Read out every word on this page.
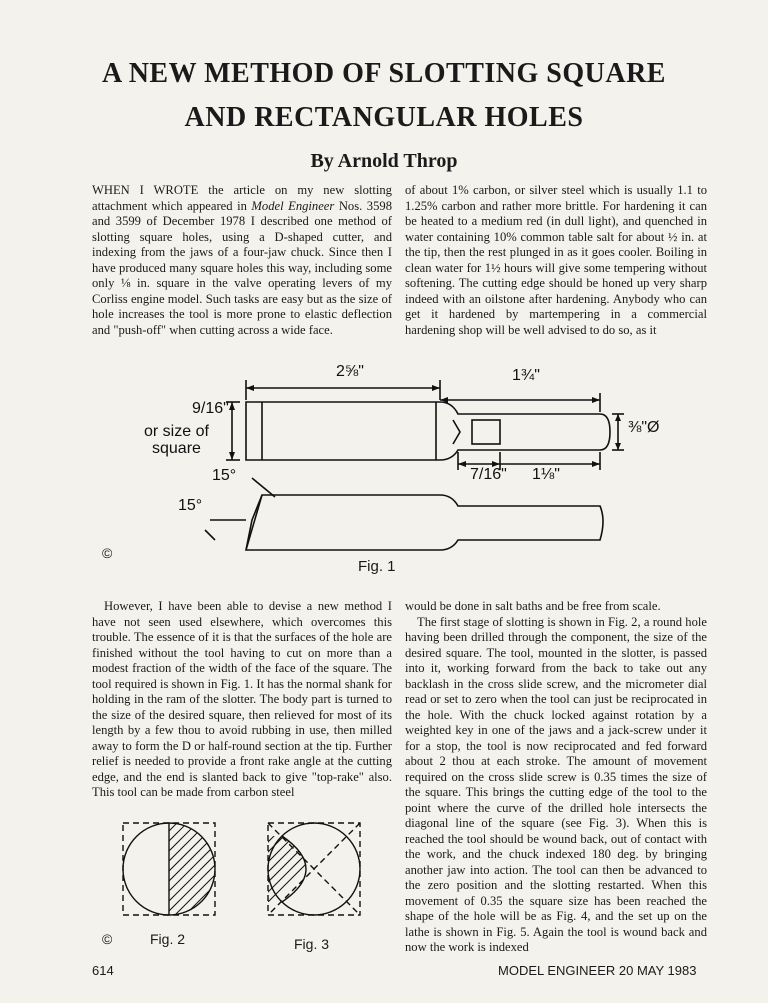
A NEW METHOD OF SLOTTING SQUARE
AND RECTANGULAR HOLES
By Arnold Throp

WHEN I WROTE the article on my new slotting attachment which appeared in Model Engineer Nos. 3598 and 3599 of December 1978 I described one method of slotting square holes, using a D-shaped cutter, and indexing from the jaws of a four-jaw chuck. Since then I have produced many square holes this way, including some only ⅛ in. square in the valve operating levers of my Corliss engine model. Such tasks are easy but as the size of hole increases the tool is more prone to elastic deflection and "push-off" when cutting across a wide face.

of about 1% carbon, or silver steel which is usually 1.1 to 1.25% carbon and rather more brittle. For hardening it can be heated to a medium red (in dull light), and quenched in water containing 10% common table salt for about ½ in. at the tip, then the rest plunged in as it goes cooler. Boiling in clean water for 1½ hours will give some tempering without softening. The cutting edge should be honed up very sharp indeed with an oilstone after hardening. Anybody who can get it hardened by martempering in a commercial hardening shop will be well advised to do so, as it

2⅝"	1¾"
9/16"
or size of
square
⅜"Ø
7/16" 1⅛"
15°
15°
©
Fig. 1

However, I have been able to devise a new method I have not seen used elsewhere, which overcomes this trouble. The essence of it is that the surfaces of the hole are finished without the tool having to cut on more than a modest fraction of the width of the face of the square. The tool required is shown in Fig. 1. It has the normal shank for holding in the ram of the slotter. The body part is turned to the size of the desired square, then relieved for most of its length by a few thou to avoid rubbing in use, then milled away to form the D or half-round section at the tip. Further relief is needed to provide a front rake angle at the cutting edge, and the end is slanted back to give "top-rake" also. This tool can be made from carbon steel

would be done in salt baths and be free from scale.

The first stage of slotting is shown in Fig. 2, a round hole having been drilled through the component, the size of the desired square. The tool, mounted in the slotter, is passed into it, working forward from the back to take out any backlash in the cross slide screw, and the micrometer dial read or set to zero when the tool can just be reciprocated in the hole. With the chuck locked against rotation by a weighted key in one of the jaws and a jack-screw under it for a stop, the tool is now reciprocated and fed forward about 2 thou at each stroke. The amount of movement required on the cross slide screw is 0.35 times the size of the square. This brings the cutting edge of the tool to the point where the curve of the drilled hole intersects the diagonal line of the square (see Fig. 3). When this is reached the tool should be wound back, out of contact with the work, and the chuck indexed 180 deg. by bringing another jaw into action. The tool can then be advanced to the zero position and the slotting restarted. When this movement of 0.35 the square size has been reached the shape of the hole will be as Fig. 4, and the set up on the lathe is shown in Fig. 5. Again the tool is wound back and now the work is indexed

©	Fig. 2	Fig. 3
614	MODEL ENGINEER 20 MAY 1983
